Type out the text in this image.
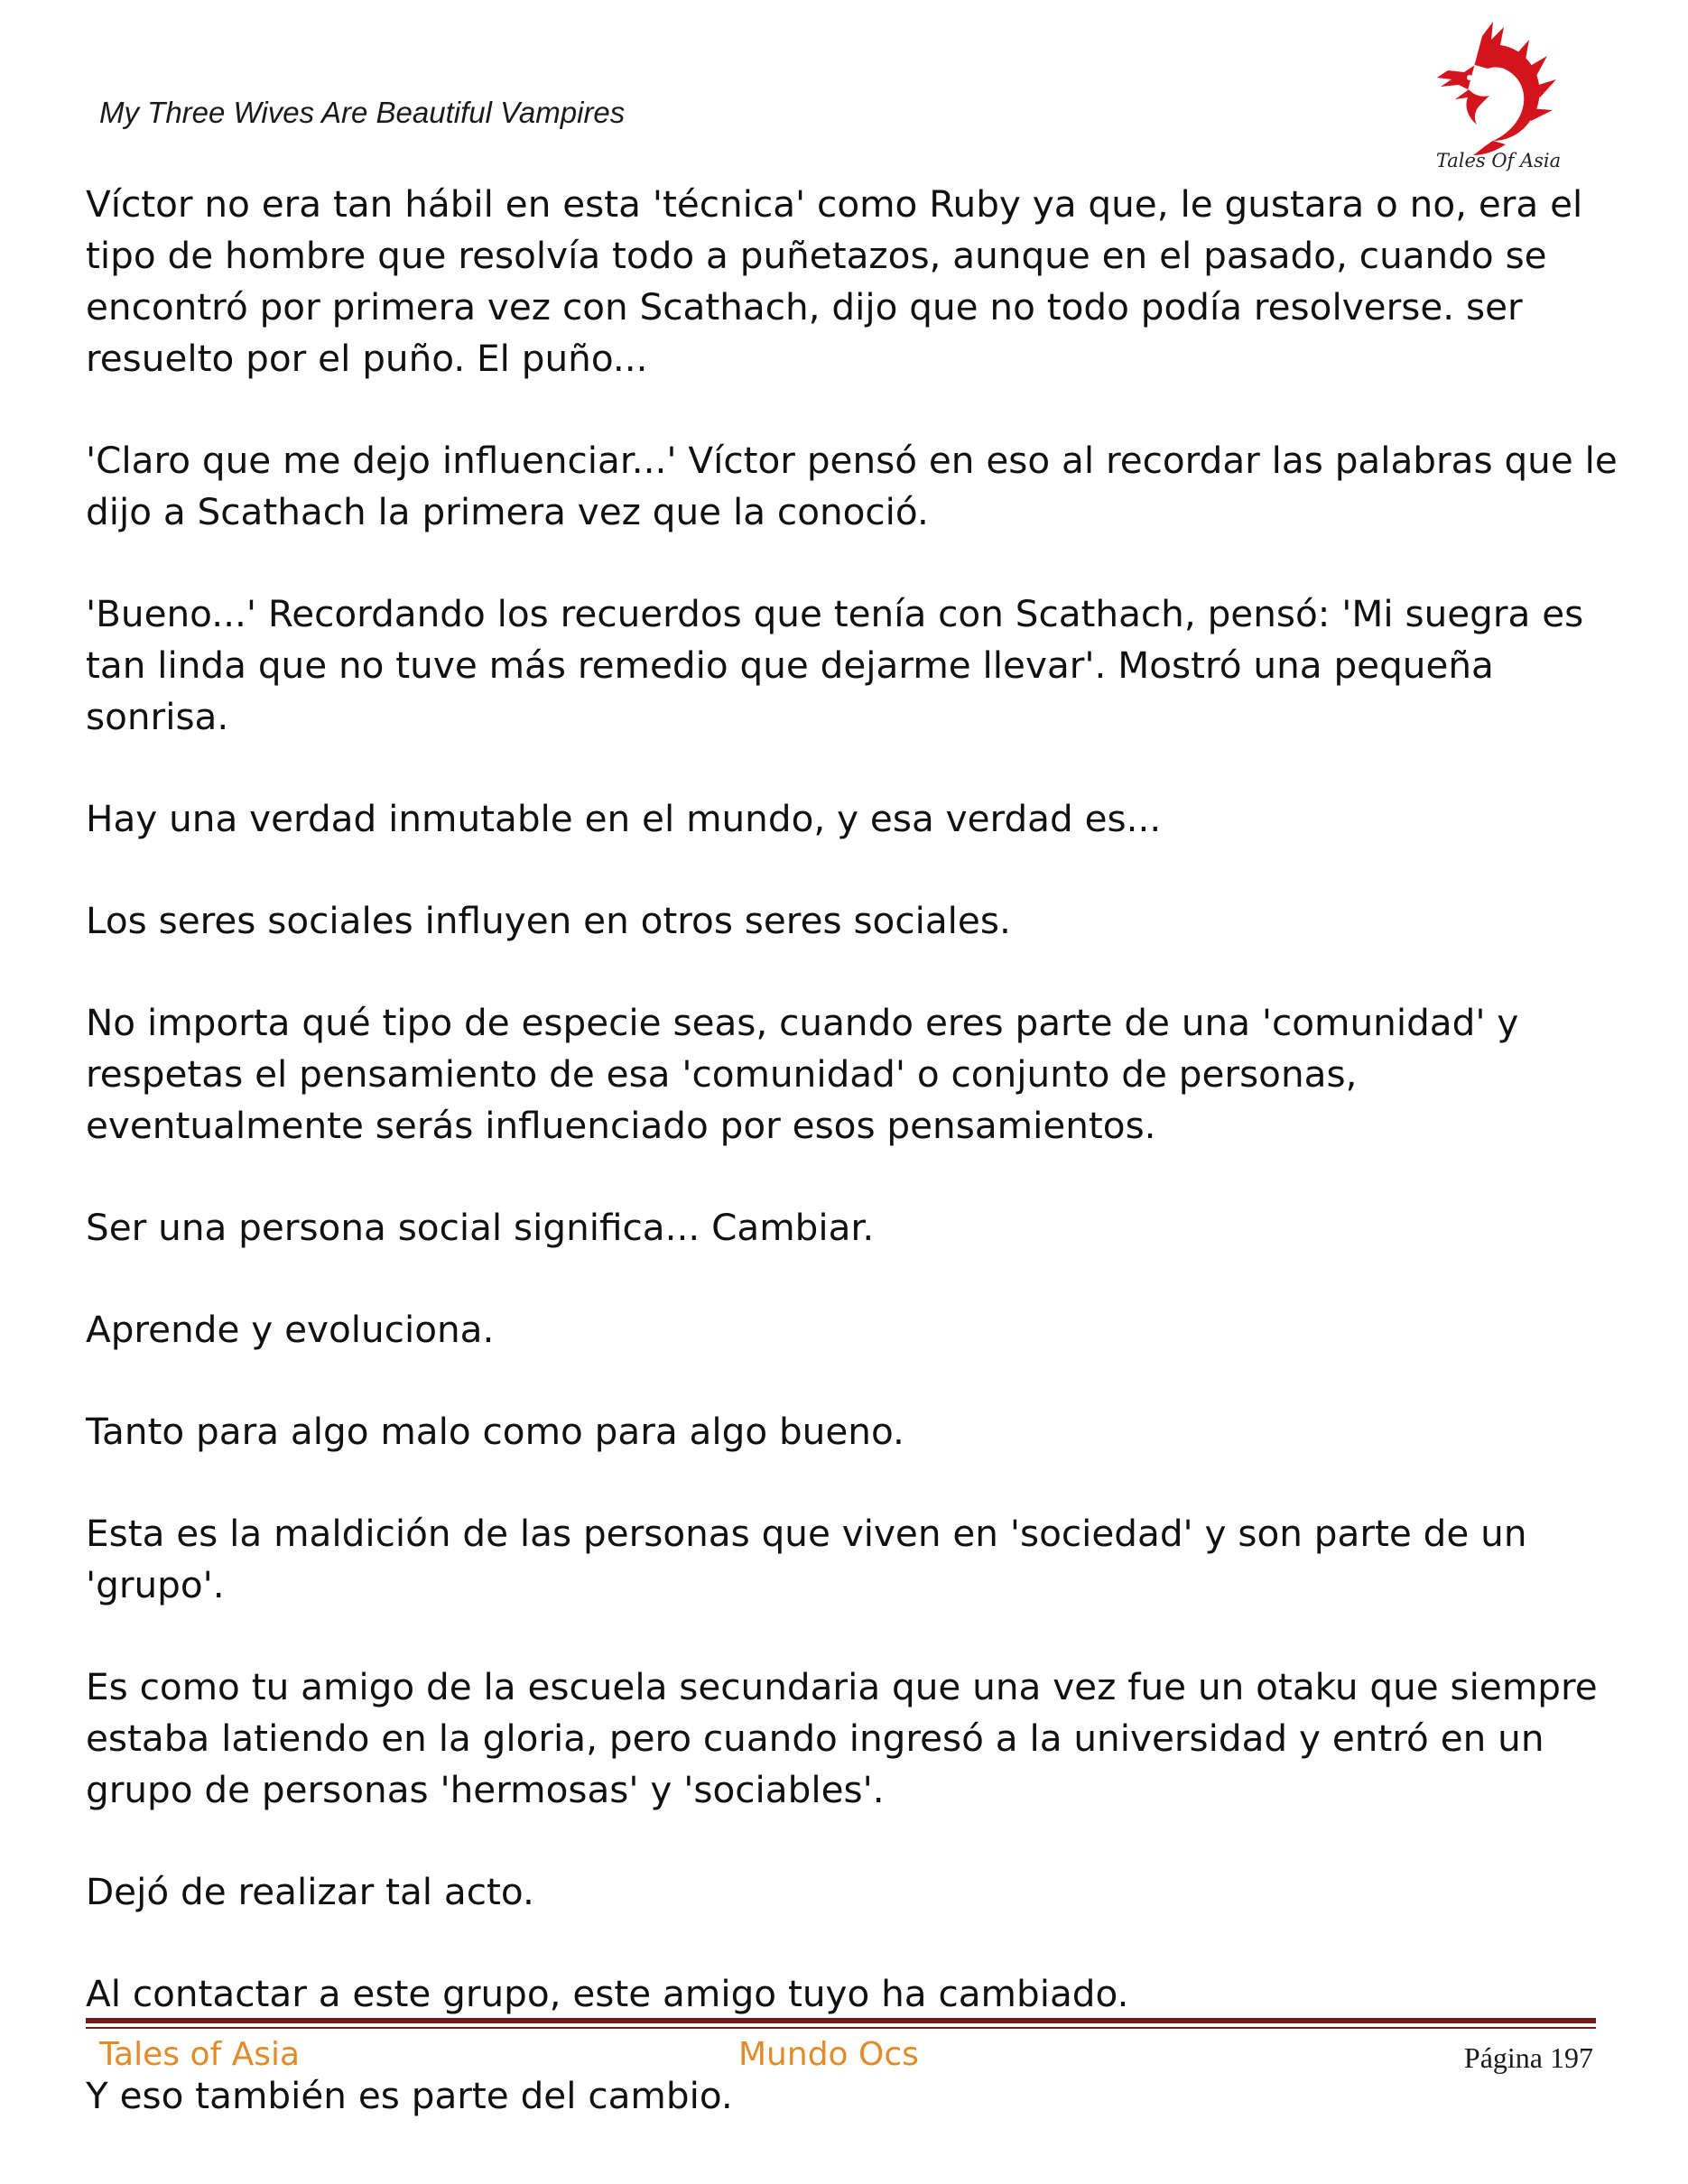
My Three Wives Are Beautiful Vampires
Tales Of Asia

Víctor no era tan hábil en esta 'técnica' como Ruby ya que, le gustara o no, era el tipo de hombre que resolvía todo a puñetazos, aunque en el pasado, cuando se encontró por primera vez con Scathach, dijo que no todo podía resolverse. ser resuelto por el puño. El puño...

'Claro que me dejo influenciar...' Víctor pensó en eso al recordar las palabras que le dijo a Scathach la primera vez que la conoció.

'Bueno...' Recordando los recuerdos que tenía con Scathach, pensó: 'Mi suegra es tan linda que no tuve más remedio que dejarme llevar'. Mostró una pequeña sonrisa.

Hay una verdad inmutable en el mundo, y esa verdad es...

Los seres sociales influyen en otros seres sociales.

No importa qué tipo de especie seas, cuando eres parte de una 'comunidad' y respetas el pensamiento de esa 'comunidad' o conjunto de personas, eventualmente serás influenciado por esos pensamientos.

Ser una persona social significa... Cambiar.

Aprende y evoluciona.

Tanto para algo malo como para algo bueno.

Esta es la maldición de las personas que viven en 'sociedad' y son parte de un 'grupo'.

Es como tu amigo de la escuela secundaria que una vez fue un otaku que siempre estaba latiendo en la gloria, pero cuando ingresó a la universidad y entró en un grupo de personas 'hermosas' y 'sociables'.

Dejó de realizar tal acto.

Al contactar a este grupo, este amigo tuyo ha cambiado.

Y eso también es parte del cambio.

Tales of Asia	Mundo Ocs	Página 197
